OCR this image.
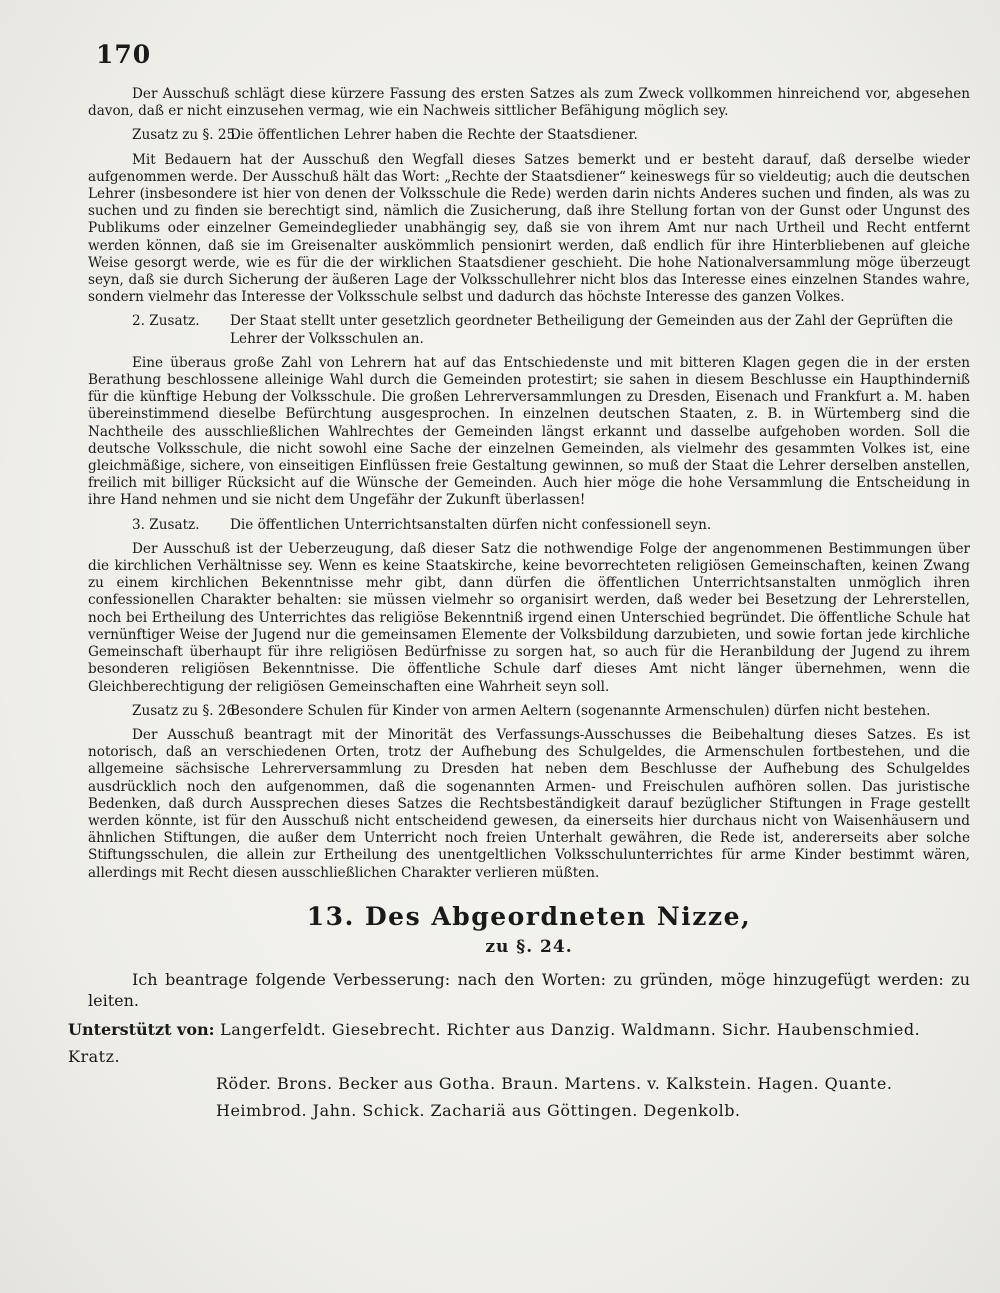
170

Der Ausschuß schlägt diese kürzere Fassung des ersten Satzes als zum Zweck vollkommen hinreichend vor, abgesehen davon, daß er nicht einzusehen vermag, wie ein Nachweis sittlicher Befähigung möglich sey.

Zusatz zu §. 25.
Die öffentlichen Lehrer haben die Rechte der Staatsdiener.

Mit Bedauern hat der Ausschuß den Wegfall dieses Satzes bemerkt und er besteht darauf, daß derselbe wieder aufgenommen werde. Der Ausschuß hält das Wort: „Rechte der Staatsdiener“ keineswegs für so vieldeutig; auch die deutschen Lehrer (insbesondere ist hier von denen der Volksschule die Rede) werden darin nichts Anderes suchen und finden, als was zu suchen und zu finden sie berechtigt sind, nämlich die Zusicherung, daß ihre Stellung fortan von der Gunst oder Ungunst des Publikums oder einzelner Gemeindeglieder unabhängig sey, daß sie von ihrem Amt nur nach Urtheil und Recht entfernt werden können, daß sie im Greisenalter auskömmlich pensionirt werden, daß endlich für ihre Hinterbliebenen auf gleiche Weise gesorgt werde, wie es für die der wirklichen Staatsdiener geschieht. Die hohe Nationalversammlung möge überzeugt seyn, daß sie durch Sicherung der äußeren Lage der Volksschullehrer nicht blos das Interesse eines einzelnen Standes wahre, sondern vielmehr das Interesse der Volksschule selbst und dadurch das höchste Interesse des ganzen Volkes.

2. Zusatz.	Der Staat stellt unter gesetzlich geordneter Betheiligung der Gemeinden aus der Zahl der Geprüften die Lehrer der Volksschulen an.

Eine überaus große Zahl von Lehrern hat auf das Entschiedenste und mit bitteren Klagen gegen die in der ersten Berathung beschlossene alleinige Wahl durch die Gemeinden protestirt; sie sahen in diesem Beschlusse ein Haupthinderniß für die künftige Hebung der Volksschule. Die großen Lehrerversammlungen zu Dresden, Eisenach und Frankfurt a. M. haben übereinstimmend dieselbe Befürchtung ausgesprochen. In einzelnen deutschen Staaten, z. B. in Würtemberg sind die Nachtheile des ausschließlichen Wahlrechtes der Gemeinden längst erkannt und dasselbe aufgehoben worden. Soll die deutsche Volksschule, die nicht sowohl eine Sache der einzelnen Gemeinden, als vielmehr des gesammten Volkes ist, eine gleichmäßige, sichere, von einseitigen Einflüssen freie Gestaltung gewinnen, so muß der Staat die Lehrer derselben anstellen, freilich mit billiger Rücksicht auf die Wünsche der Gemeinden. Auch hier möge die hohe Versammlung die Entscheidung in ihre Hand nehmen und sie nicht dem Ungefähr der Zukunft überlassen!

3. Zusatz.	Die öffentlichen Unterrichtsanstalten dürfen nicht confessionell seyn.

Der Ausschuß ist der Ueberzeugung, daß dieser Satz die nothwendige Folge der angenommenen Bestimmungen über die kirchlichen Verhältnisse sey. Wenn es keine Staatskirche, keine bevorrechteten religiösen Gemeinschaften, keinen Zwang zu einem kirchlichen Bekenntnisse mehr gibt, dann dürfen die öffentlichen Unterrichtsanstalten unmöglich ihren confessionellen Charakter behalten: sie müssen vielmehr so organisirt werden, daß weder bei Besetzung der Lehrerstellen, noch bei Ertheilung des Unterrichtes das religiöse Bekenntniß irgend einen Unterschied begründet. Die öffentliche Schule hat vernünftiger Weise der Jugend nur die gemeinsamen Elemente der Volksbildung darzubieten, und sowie fortan jede kirchliche Gemeinschaft überhaupt für ihre religiösen Bedürfnisse zu sorgen hat, so auch für die Heranbildung der Jugend zu ihrem besonderen religiösen Bekenntnisse. Die öffentliche Schule darf dieses Amt nicht länger übernehmen, wenn die Gleichberechtigung der religiösen Gemeinschaften eine Wahrheit seyn soll.

Zusatz zu §. 26.
Besondere Schulen für Kinder von armen Aeltern (sogenannte Armenschulen) dürfen nicht bestehen.

Der Ausschuß beantragt mit der Minorität des Verfassungs-Ausschusses die Beibehaltung dieses Satzes. Es ist notorisch, daß an verschiedenen Orten, trotz der Aufhebung des Schulgeldes, die Armenschulen fortbestehen, und die allgemeine sächsische Lehrerversammlung zu Dresden hat neben dem Beschlusse der Aufhebung des Schulgeldes ausdrücklich noch den aufgenommen, daß die sogenannten Armen- und Freischulen aufhören sollen. Das juristische Bedenken, daß durch Aussprechen dieses Satzes die Rechtsbeständigkeit darauf bezüglicher Stiftungen in Frage gestellt werden könnte, ist für den Ausschuß nicht entscheidend gewesen, da einerseits hier durchaus nicht von Waisenhäusern und ähnlichen Stiftungen, die außer dem Unterricht noch freien Unterhalt gewähren, die Rede ist, andererseits aber solche Stiftungsschulen, die allein zur Ertheilung des unentgeltlichen Volksschulunterrichtes für arme Kinder bestimmt wären, allerdings mit Recht diesen ausschließlichen Charakter verlieren müßten.

13. Des Abgeordneten Nizze,
zu §. 24.

Ich beantrage folgende Verbesserung: nach den Worten: zu gründen, möge hinzugefügt werden: zu leiten.

Unterstützt von: Langerfeldt. Giesebrecht. Richter aus Danzig. Waldmann. Sichr. Haubenschmied. Kratz.
Röder. Brons. Becker aus Gotha. Braun. Martens. v. Kalkstein. Hagen. Quante.
Heimbrod. Jahn. Schick. Zachariä aus Göttingen. Degenkolb.
